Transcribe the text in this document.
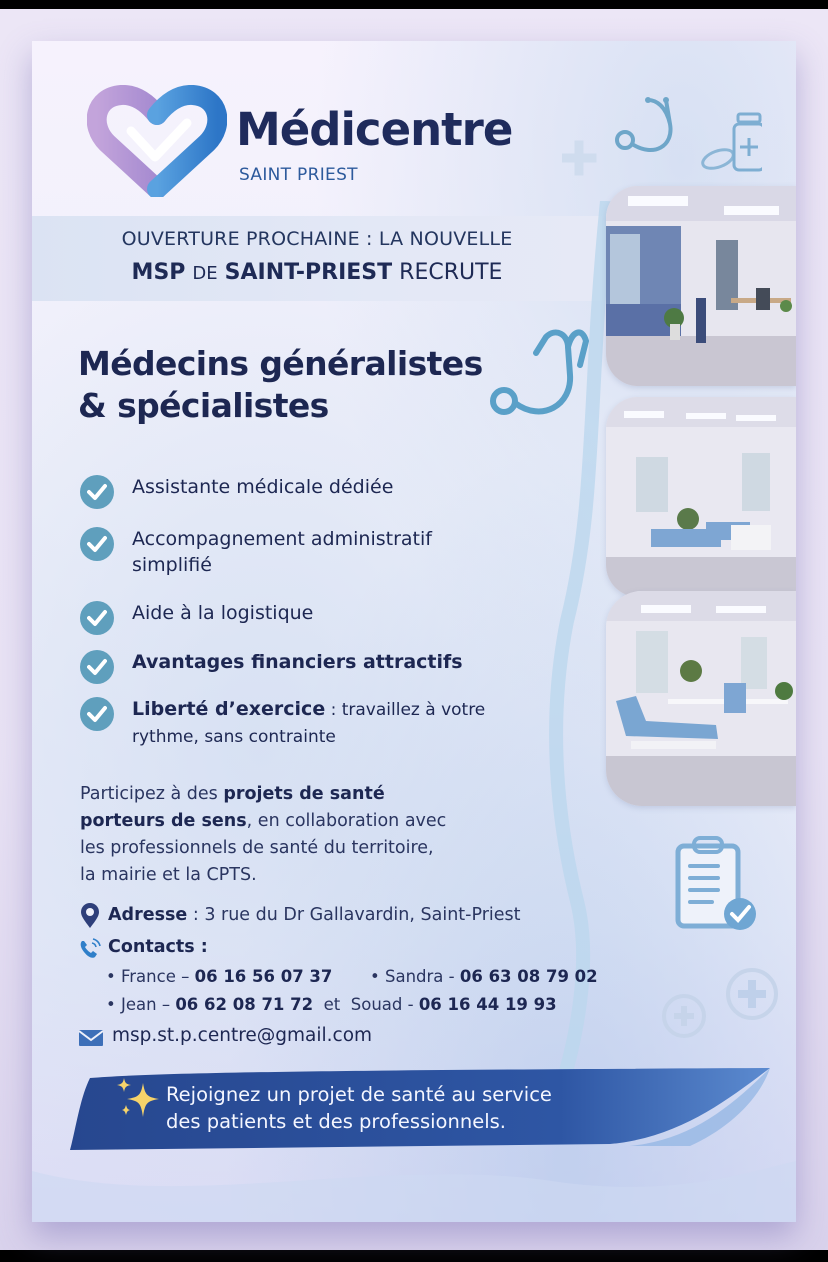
Médicentre
SAINT PRIEST
OUVERTURE PROCHAINE : LA NOUVELLE
MSP DE SAINT-PRIEST RECRUTE
Médecins généralistes
& spécialistes
Assistante médicale dédiée
Accompagnement administratif
simplifié
Aide à la logistique
Avantages financiers attractifs
Liberté d’exercice : travaillez à votre
rythme, sans contrainte
Participez à des projets de santé
porteurs de sens, en collaboration avec
les professionnels de santé du territoire,
la mairie et la CPTS.
Adresse : 3 rue du Dr Gallavardin, Saint-Priest
Contacts :
• France – 06 16 56 07 37 • Sandra - 06 63 08 79 02
• Jean – 06 62 08 71 72 et Souad - 06 16 44 19 93
msp.st.p.centre@gmail.com
Rejoignez un projet de santé au service
des patients et des professionnels.
